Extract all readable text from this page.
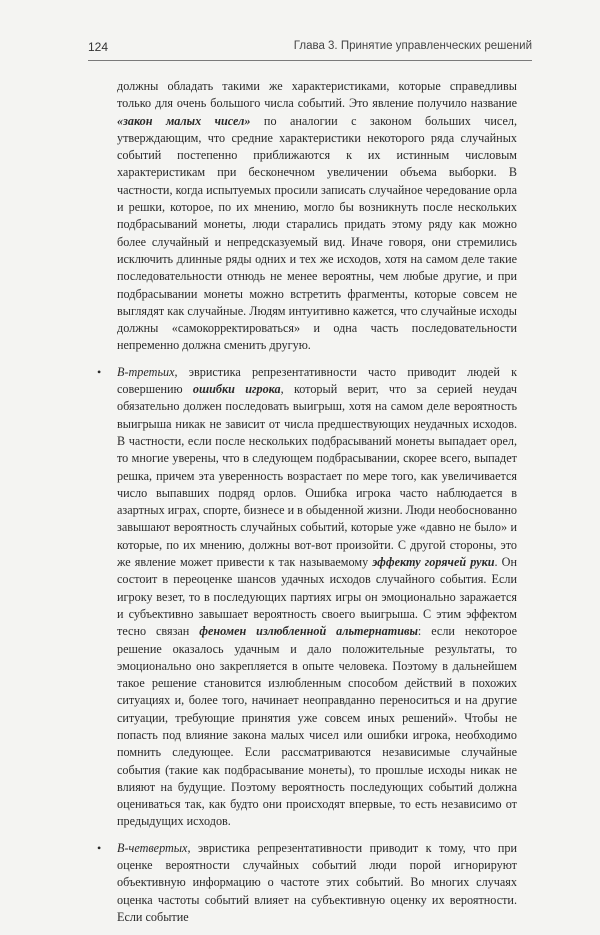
124	Глава 3. Принятие управленческих решений

должны обладать такими же характеристиками, которые справедливы только для очень большого числа событий. Это явление получило название «закон малых чисел» по аналогии с законом больших чисел, утверждающим, что средние характеристики некоторого ряда случайных событий постепенно приближаются к их истинным числовым характеристикам при бесконечном увеличении объема выборки. В частности, когда испытуемых просили записать случайное чередование орла и решки, которое, по их мнению, могло бы возникнуть после нескольких подбрасываний монеты, люди старались придать этому ряду как можно более случайный и непредсказуемый вид. Иначе говоря, они стремились исключить длинные ряды одних и тех же исходов, хотя на самом деле такие последовательности отнюдь не менее вероятны, чем любые другие, и при подбрасывании монеты можно встретить фрагменты, которые совсем не выглядят как случайные. Людям интуитивно кажется, что случайные исходы должны «самокорректироваться» и одна часть последовательности непременно должна сменить другую.

• В-третьих, эвристика репрезентативности часто приводит людей к совершению ошибки игрока, который верит, что за серией неудач обязательно должен последовать выигрыш, хотя на самом деле вероятность выигрыша никак не зависит от числа предшествующих неудачных исходов. В частности, если после нескольких подбрасываний монеты выпадает орел, то многие уверены, что в следующем подбрасывании, скорее всего, выпадет решка, причем эта уверенность возрастает по мере того, как увеличивается число выпавших подряд орлов. Ошибка игрока часто наблюдается в азартных играх, спорте, бизнесе и в обыденной жизни. Люди необоснованно завышают вероятность случайных событий, которые уже «давно не было» и которые, по их мнению, должны вот-вот произойти. С другой стороны, это же явление может привести к так называемому эффекту горячей руки. Он состоит в переоценке шансов удачных исходов случайного события. Если игроку везет, то в последующих партиях игры он эмоционально заражается и субъективно завышает вероятность своего выигрыша. С этим эффектом тесно связан феномен излюбленной альтернативы: если некоторое решение оказалось удачным и дало положительные результаты, то эмоционально оно закрепляется в опыте человека. Поэтому в дальнейшем такое решение становится излюбленным способом действий в похожих ситуациях и, более того, начинает неоправданно переноситься и на другие ситуации, требующие принятия уже совсем иных решений». Чтобы не попасть под влияние закона малых чисел или ошибки игрока, необходимо помнить следующее. Если рассматриваются независимые случайные события (такие как подбрасывание монеты), то прошлые исходы никак не влияют на будущие. Поэтому вероятность последующих событий должна оцениваться так, как будто они происходят впервые, то есть независимо от предыдущих исходов.

• В-четвертых, эвристика репрезентативности приводит к тому, что при оценке вероятности случайных событий люди порой игнорируют объективную информацию о частоте этих событий. Во многих случаях оценка частоты событий влияет на субъективную оценку их вероятности. Если событие
